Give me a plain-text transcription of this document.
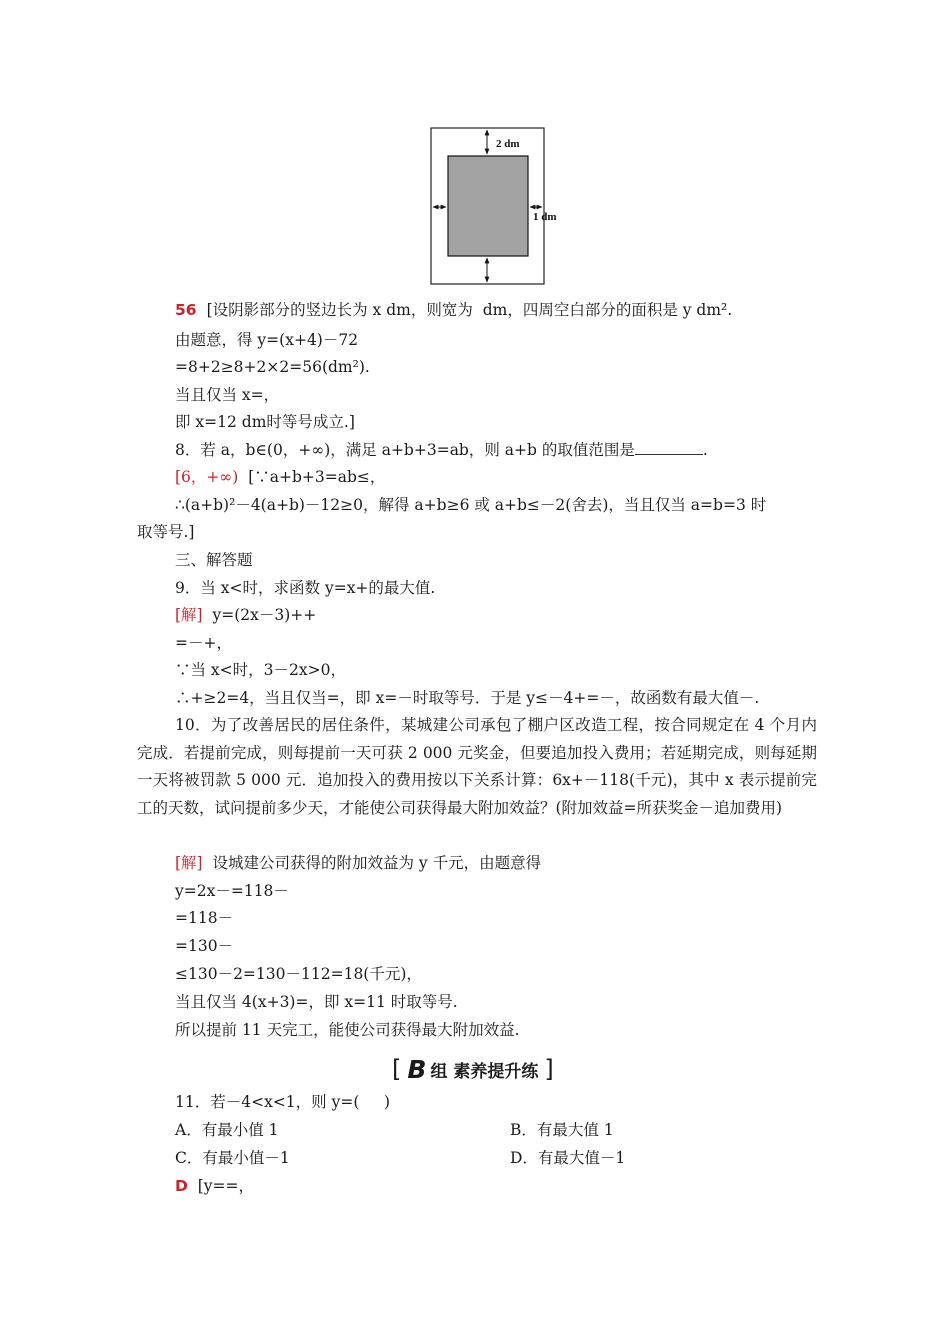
2 dm
1 dm
56 [设阴影部分的竖边长为 x dm，则宽为  dm，四周空白部分的面积是 y dm².
由题意，得 y=(x+4)－72
=8+2≥8+2×2=56(dm²).
当且仅当 x=，
即 x=12 dm时等号成立.]
8．若 a，b∈(0，+∞)，满足 a+b+3=ab，则 a+b 的取值范围是	.
[6，+∞)  [∵a+b+3=ab≤，
∴(a+b)²－4(a+b)－12≥0，解得 a+b≥6 或 a+b≤－2(舍去)，当且仅当 a=b=3 时
取等号.]
三、解答题
9．当 x<时，求函数 y=x+的最大值.
[解]  y=(2x－3)++
=－+，
∵当 x<时，3－2x>0，
∴+≥2=4，当且仅当=，即 x=－时取等号．于是 y≤－4+=－，故函数有最大值－.
10．为了改善居民的居住条件，某城建公司承包了棚户区改造工程，按合同规定在 4 个月内完成．若提前完成，则每提前一天可获 2 000 元奖金，但要追加投入费用；若延期完成，则每延期一天将被罚款 5 000 元．追加投入的费用按以下关系计算：6x+－118(千元)，其中 x 表示提前完工的天数，试问提前多少天，才能使公司获得最大附加效益？(附加效益=所获奖金－追加费用)
[解]  设城建公司获得的附加效益为 y 千元，由题意得
y=2x－=118－
=118－
=130－
≤130－2=130－112=18(千元)，
当且仅当 4(x+3)=，即 x=11 时取等号.
所以提前 11 天完工，能使公司获得最大附加效益.
[ B 组 素养提升练 ]
11．若－4<x<1，则 y=(     )
A．有最小值 1	B．有最大值 1
C．有最小值－1	D．有最大值－1
D  [y==，
